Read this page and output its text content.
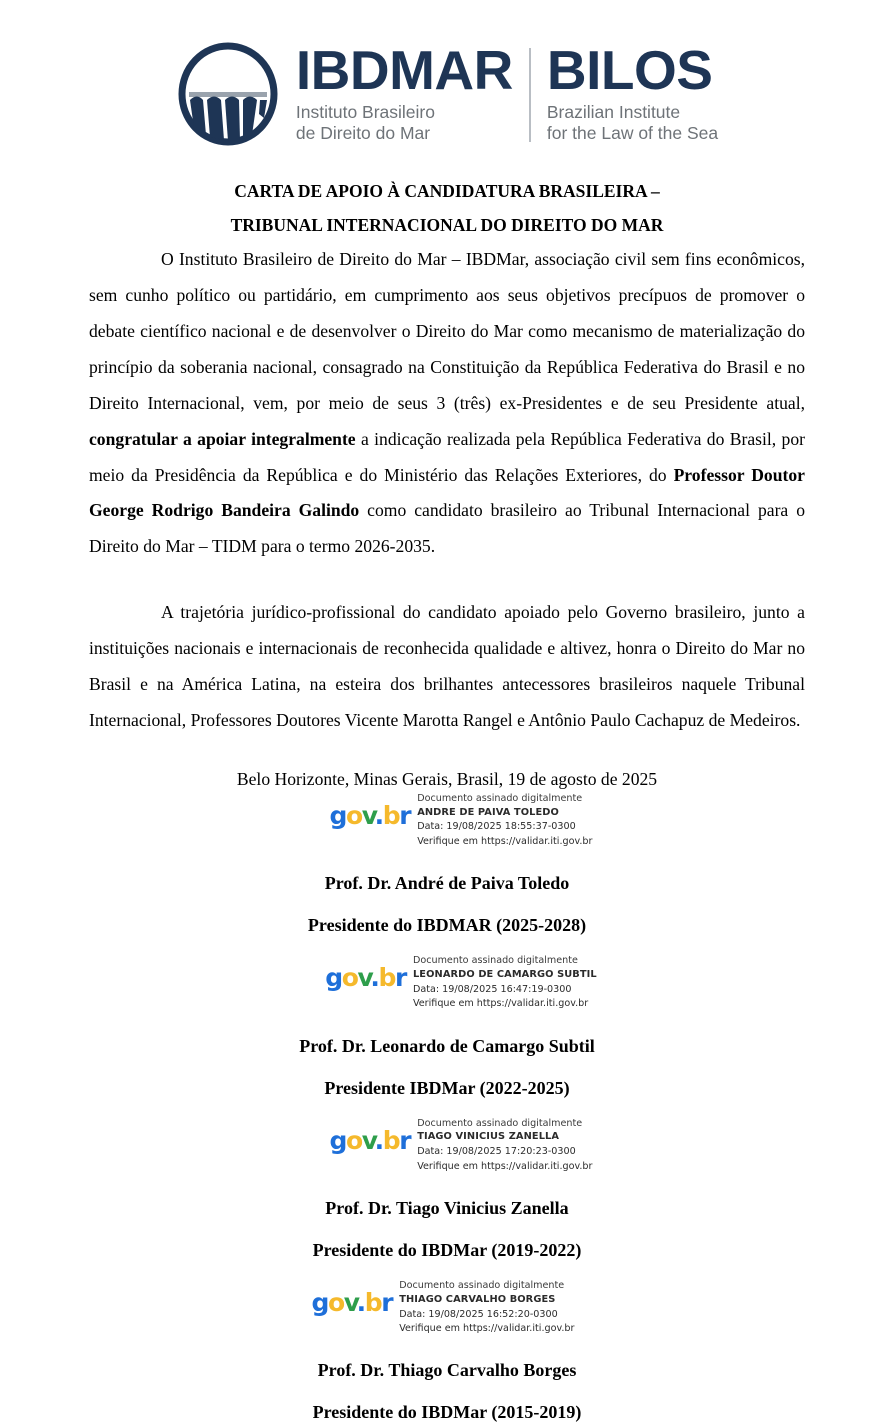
IBDMAR
Instituto Brasileiro
de Direito do Mar
BILOS
Brazilian Institute
for the Law of the Sea
CARTA DE APOIO À CANDIDATURA BRASILEIRA –
TRIBUNAL INTERNACIONAL DO DIREITO DO MAR

O Instituto Brasileiro de Direito do Mar – IBDMar, associação civil sem fins econômicos, sem cunho político ou partidário, em cumprimento aos seus objetivos precípuos de promover o debate científico nacional e de desenvolver o Direito do Mar como mecanismo de materialização do princípio da soberania nacional, consagrado na Constituição da República Federativa do Brasil e no Direito Internacional, vem, por meio de seus 3 (três) ex-Presidentes e de seu Presidente atual, congratular a apoiar integralmente a indicação realizada pela República Federativa do Brasil, por meio da Presidência da República e do Ministério das Relações Exteriores, do Professor Doutor George Rodrigo Bandeira Galindo como candidato brasileiro ao Tribunal Internacional para o Direito do Mar – TIDM para o termo 2026-2035.

A trajetória jurídico-profissional do candidato apoiado pelo Governo brasileiro, junto a instituições nacionais e internacionais de reconhecida qualidade e altivez, honra o Direito do Mar no Brasil e na América Latina, na esteira dos brilhantes antecessores brasileiros naquele Tribunal Internacional, Professores Doutores Vicente Marotta Rangel e Antônio Paulo Cachapuz de Medeiros.

Belo Horizonte, Minas Gerais, Brasil, 19 de agosto de 2025
gov.br
Documento assinado digitalmente
ANDRE DE PAIVA TOLEDO
Data: 19/08/2025 18:55:37-0300
Verifique em https://validar.iti.gov.br
Prof. Dr. André de Paiva Toledo
Presidente do IBDMAR (2025-2028)
gov.br
Documento assinado digitalmente
LEONARDO DE CAMARGO SUBTIL
Data: 19/08/2025 16:47:19-0300
Verifique em https://validar.iti.gov.br
Prof. Dr. Leonardo de Camargo Subtil
Presidente IBDMar (2022-2025)
gov.br
Documento assinado digitalmente
TIAGO VINICIUS ZANELLA
Data: 19/08/2025 17:20:23-0300
Verifique em https://validar.iti.gov.br
Prof. Dr. Tiago Vinicius Zanella
Presidente do IBDMar (2019-2022)
gov.br
Documento assinado digitalmente
THIAGO CARVALHO BORGES
Data: 19/08/2025 16:52:20-0300
Verifique em https://validar.iti.gov.br
Prof. Dr. Thiago Carvalho Borges
Presidente do IBDMar (2015-2019)
